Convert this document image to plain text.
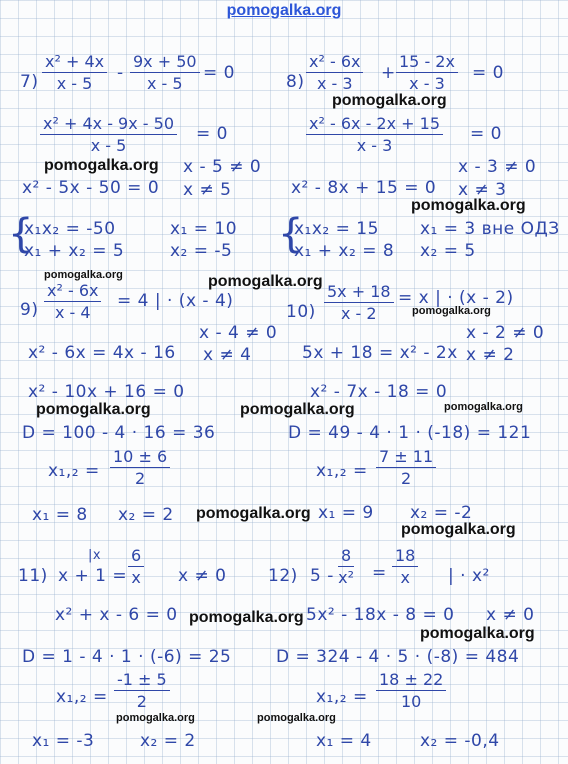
pomogalka.org
$7) \frac{\text{x² + 4x}}{x - 5} - \frac{9x + 50}{x - 5} = 0$
$\frac{\text{x² + 4x - 9x - 50}}{x - 5} = 0$
x² - 5x - 50 = 0
x - 5 ≠ 0
x ≠ 5
{
x₁x₂ = -50
x₁ + x₂ = 5
x₁ = 10
x₂ = -5
$8) \frac{\text{x² - 6x}}{x - 3} + \frac{15 - 2x}{x - 3} = 0$
$\frac{\text{x² - 6x - 2x + 15}}{x - 3} = 0$
x² - 8x + 15 = 0
x - 3 ≠ 0
x ≠ 3
{
x₁x₂ = 15
x₁ + x₂ = 8
x₁ = 3 вне ОДЗ
x₂ = 5
$9) \frac{\text{x² - 6x}}{x - 4} = 4$ | · (x - 4)
x - 4 ≠ 0
x ≠ 4
x² - 6x = 4x - 16
x² - 10x + 16 = 0
D = 100 - 4 · 16 = 36
$x_1,_2 = \frac{10 \pm 6}{2}$
x₁ = 8 x₂ = 2
$10) \frac{5x + 18}{x - 2} = x$ | · (x - 2)
x - 2 ≠ 0
x ≠ 2
5x + 18 = x² - 2x
x² - 7x - 18 = 0
D = 49 - 4 · 1 · (-18) = 121
$x_1,_2 = \frac{7 \pm 11}{2}$
x₁ = 9 x₂ = -2
11) x + 1 =
$|x \frac{6}{x}$ x ≠ 0
x² + x - 6 = 0
D = 1 - 4 · 1 · (-6) = 25
$x_1,_2 = \frac{-1 \pm 5}{2}$
x₁ = -3	x₂ = 2
12) $5 - \frac{8}{\text{x²}} = \frac{18}{x}$ | · x²
5x² - 18x - 8 = 0 x ≠ 0
D = 324 - 4 · 5 · (-8) = 484
$x_1,_2 = \frac{18 \pm 22}{10}$
x₁ = 4	x₂ = -0,4
pomogalka.org
pomogalka.org
pomogalka.org
pomogalka.org	pomogalka.org
pomogalka.org
pomogalka.org	pomogalka.org	pomogalka.org
pomogalka.org
pomogalka.org
pomogalka.org
pomogalka.org
pomogalka.org	pomogalka.org
